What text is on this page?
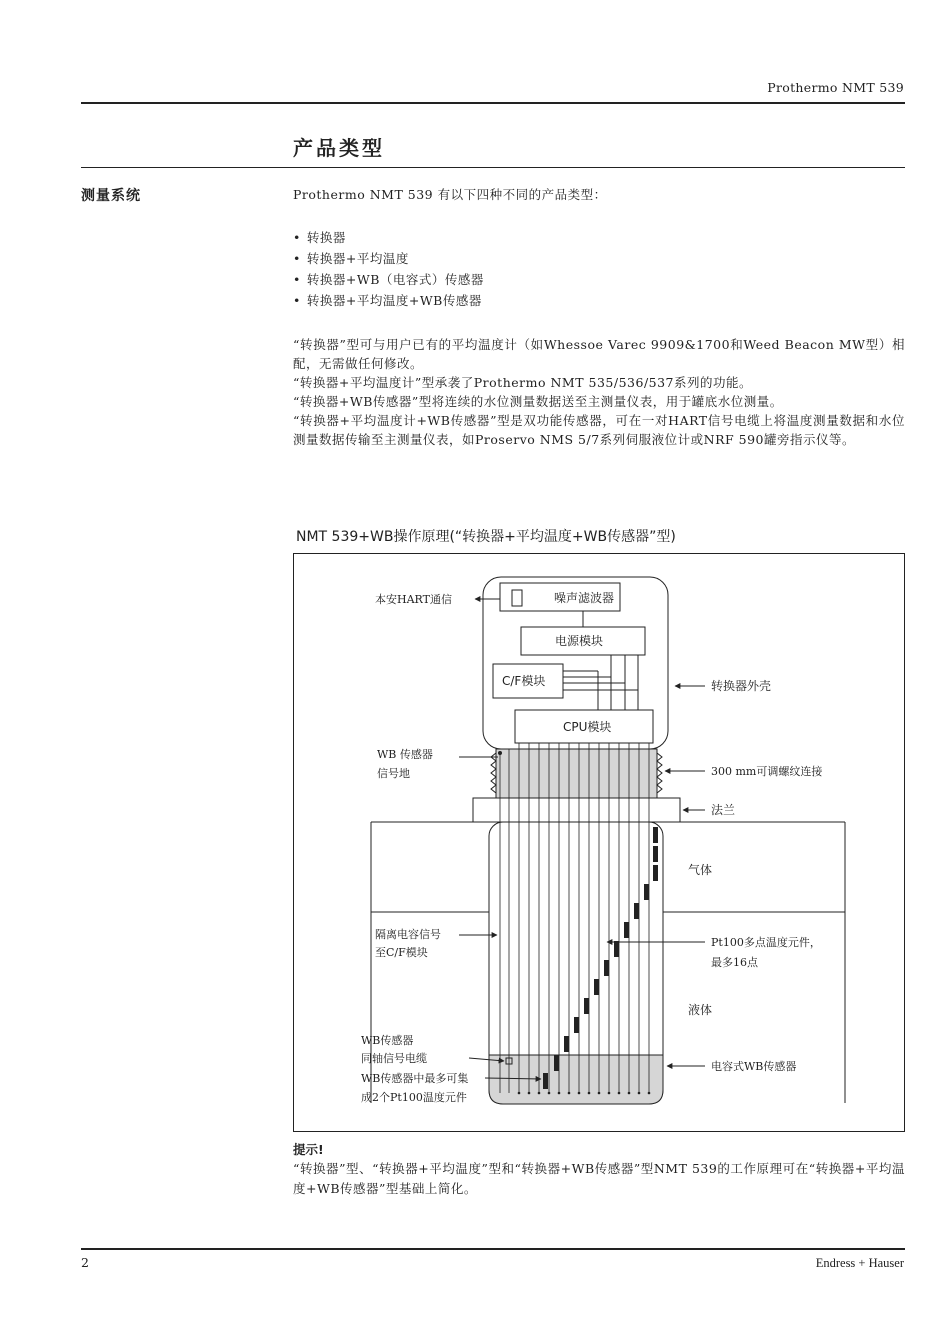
Prothermo NMT 539
产品类型
测量系统	Prothermo NMT 539 有以下四种不同的产品类型：
• 转换器
• 转换器+平均温度
• 转换器+WB（电容式）传感器
• 转换器+平均温度+WB传感器

“转换器”型可与用户已有的平均温度计（如Whessoe Varec 9909&1700和Weed Beacon MW型）相配，无需做任何修改。

“转换器+平均温度计”型承袭了Prothermo NMT 535/536/537系列的功能。

“转换器+WB传感器”型将连续的水位测量数据送至主测量仪表，用于罐底水位测量。

“转换器+平均温度计+WB传感器”型是双功能传感器，可在一对HART信号电缆上将温度测量数据和水位测量数据传输至主测量仪表，如Proservo NMS 5/7系列伺服液位计或NRF 590罐旁指示仪等。

NMT 539+WB操作原理(“转换器+平均温度+WB传感器”型)
本安HART通信	噪声滤波器
电源模块
C/F模块
CPU模块
转换器外壳
WB 传感器
信号地	300 mm可调螺纹连接
法兰
气体
隔离电容信号
至C/F模块
Pt100多点温度元件，
最多16点
液体
WB传感器
同轴信号电缆
WB传感器中最多可集
成2个Pt100温度元件
电容式WB传感器
提示!
“转换器”型、“转换器+平均温度”型和“转换器+WB传感器”型NMT 539的工作原理可在“转换器+平均温度+WB传感器”型基础上简化。
2	Endress + Hauser
